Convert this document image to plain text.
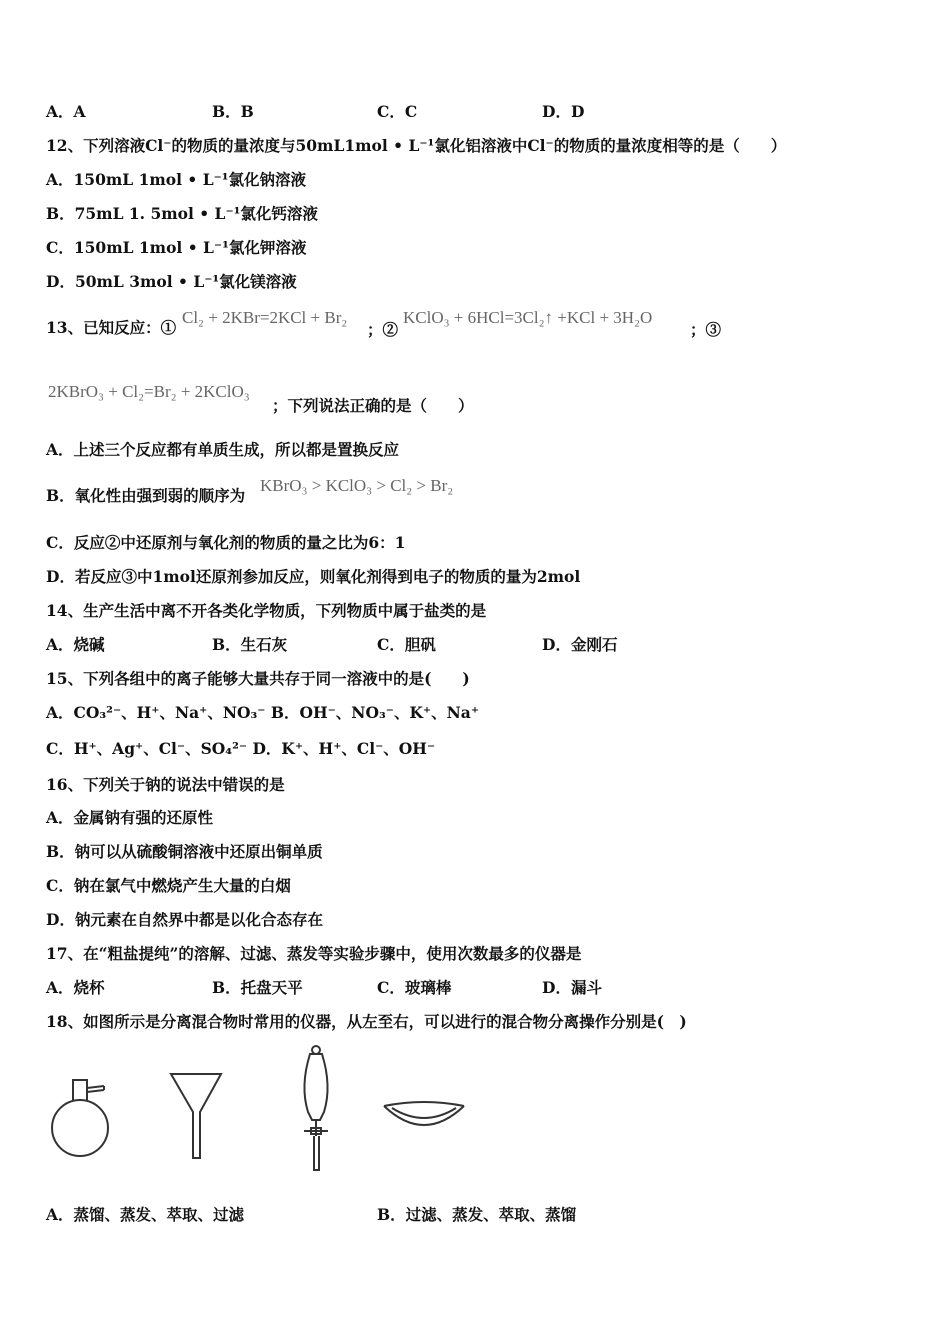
A．A	B．B	C．C	D．D
12、下列溶液Cl⁻的物质的量浓度与50mL1mol • L⁻¹氯化铝溶液中Cl⁻的物质的量浓度相等的是（　　）
A．150mL 1mol • L⁻¹氯化钠溶液
B．75mL 1. 5mol • L⁻¹氯化钙溶液
C．150mL 1mol • L⁻¹氯化钾溶液
D．50mL 3mol • L⁻¹氯化镁溶液
13、已知反应：①
Cl₂ + 2KBr=2KCl + Br₂
；②
KClO₃ + 6HCl=3Cl₂↑ +KCl + 3H₂O
；③
2KBrO₃ + Cl₂=Br₂ + 2KClO₃
；下列说法正确的是（　　）
A．上述三个反应都有单质生成，所以都是置换反应
B．氧化性由强到弱的顺序为
KBrO₃ > KClO₃ > Cl₂ > Br₂
C．反应②中还原剂与氧化剂的物质的量之比为6：1
D．若反应③中1mol还原剂参加反应，则氧化剂得到电子的物质的量为2mol
14、生产生活中离不开各类化学物质，下列物质中属于盐类的是
A．烧碱	B．生石灰	C．胆矾	D．金刚石
15、下列各组中的离子能够大量共存于同一溶液中的是(　　)
A．CO₃²⁻、H⁺、Na⁺、NO₃⁻ B．OH⁻、NO₃⁻、K⁺、Na⁺
C．H⁺、Ag⁺、Cl⁻、SO₄²⁻ D．K⁺、H⁺、Cl⁻、OH⁻
16、下列关于钠的说法中错误的是
A．金属钠有强的还原性
B．钠可以从硫酸铜溶液中还原出铜单质
C．钠在氯气中燃烧产生大量的白烟
D．钠元素在自然界中都是以化合态存在
17、在“粗盐提纯”的溶解、过滤、蒸发等实验步骤中，使用次数最多的仪器是
A．烧杯	B．托盘天平	C．玻璃棒	D．漏斗
18、如图所示是分离混合物时常用的仪器，从左至右，可以进行的混合物分离操作分别是(　)
A．蒸馏、蒸发、萃取、过滤	B．过滤、蒸发、萃取、蒸馏
